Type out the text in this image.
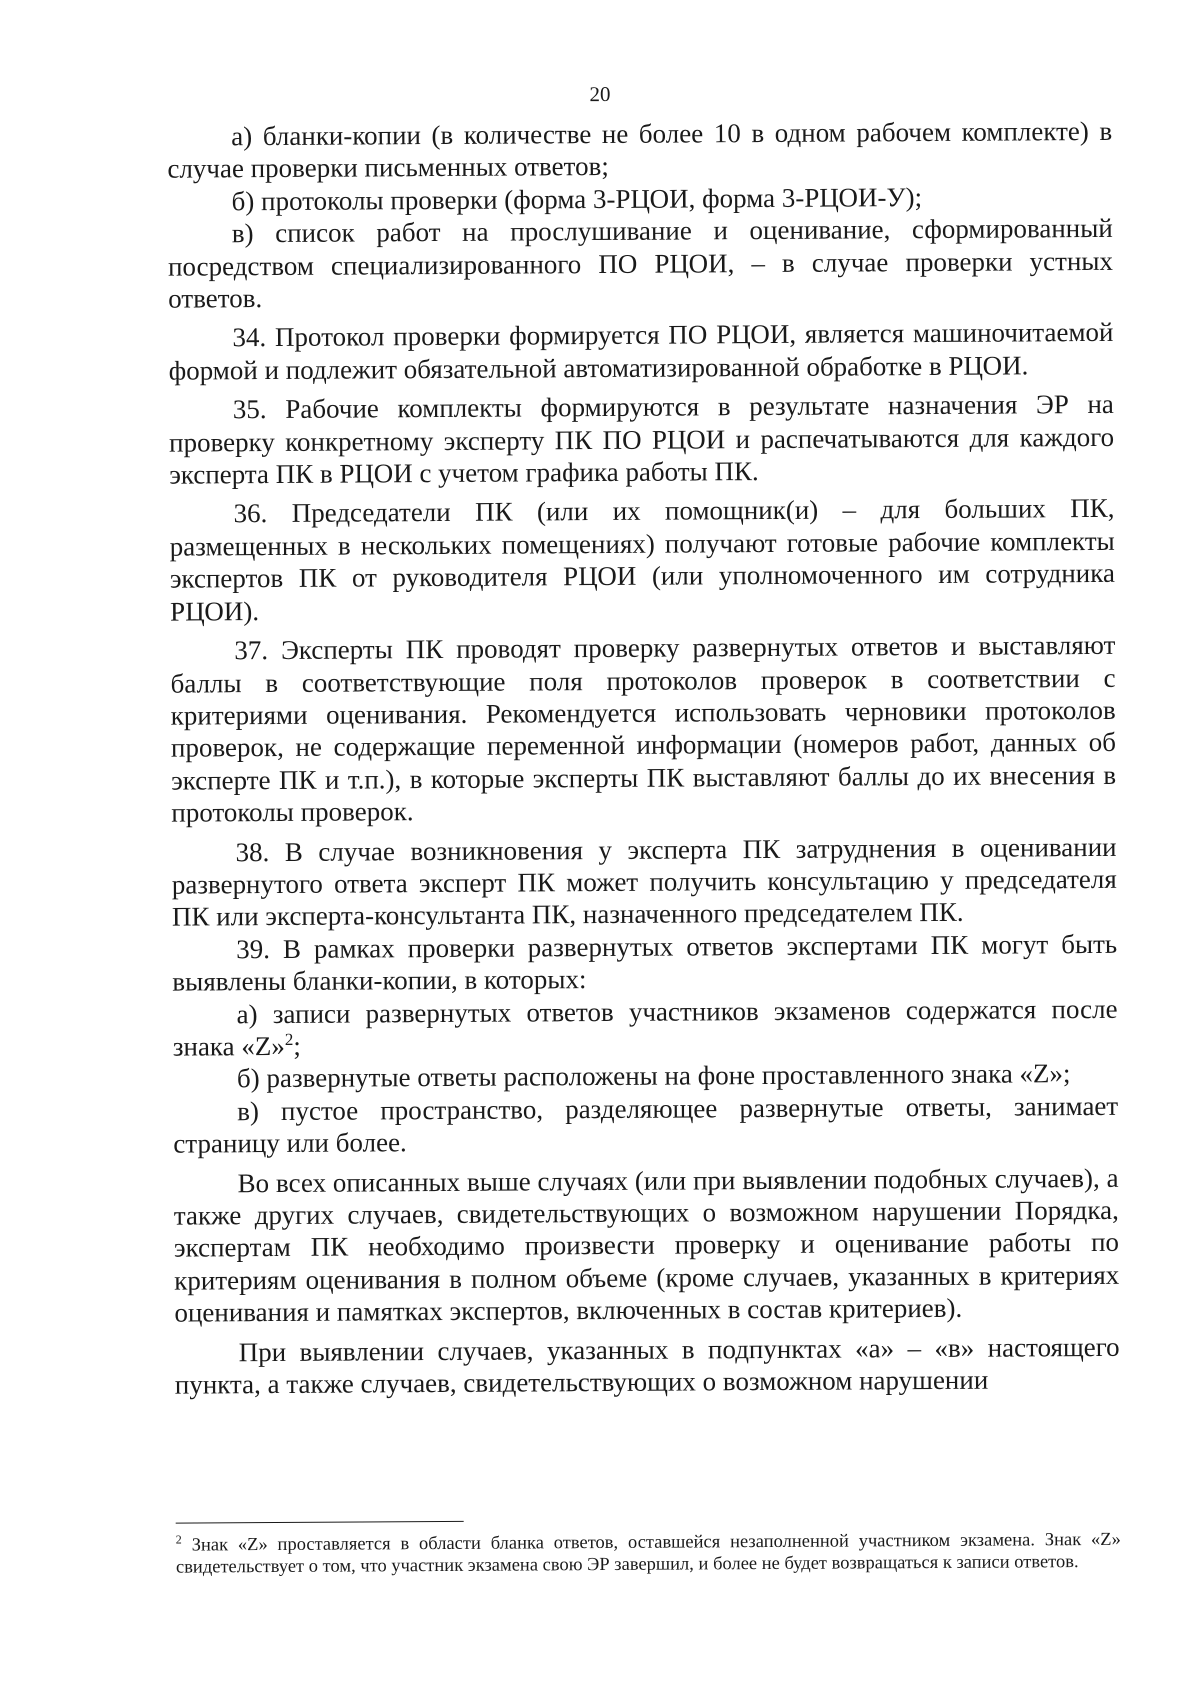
20

а) бланки-копии (в количестве не более 10 в одном рабочем комплекте) в случае проверки письменных ответов;

б) протоколы проверки (форма 3-РЦОИ, форма 3-РЦОИ-У);

в) список работ на прослушивание и оценивание, сформированный посредством специализированного ПО РЦОИ, – в случае проверки устных ответов.

34. Протокол проверки формируется ПО РЦОИ, является машиночитаемой формой и подлежит обязательной автоматизированной обработке в РЦОИ.

35. Рабочие комплекты формируются в результате назначения ЭР на проверку конкретному эксперту ПК ПО РЦОИ и распечатываются для каждого эксперта ПК в РЦОИ с учетом графика работы ПК.

36. Председатели ПК (или их помощник(и) – для больших ПК, размещенных в нескольких помещениях) получают готовые рабочие комплекты экспертов ПК от руководителя РЦОИ (или уполномоченного им сотрудника РЦОИ).

37. Эксперты ПК проводят проверку развернутых ответов и выставляют баллы в соответствующие поля протоколов проверок в соответствии с критериями оценивания. Рекомендуется использовать черновики протоколов проверок, не содержащие переменной информации (номеров работ, данных об эксперте ПК и т.п.), в которые эксперты ПК выставляют баллы до их внесения в протоколы проверок.

38. В случае возникновения у эксперта ПК затруднения в оценивании развернутого ответа эксперт ПК может получить консультацию у председателя ПК или эксперта-консультанта ПК, назначенного председателем ПК.

39. В рамках проверки развернутых ответов экспертами ПК могут быть выявлены бланки-копии, в которых:

а) записи развернутых ответов участников экзаменов содержатся после знака «Z»$^2$;

б) развернутые ответы расположены на фоне проставленного знака «Z»;

в) пустое пространство, разделяющее развернутые ответы, занимает страницу или более.

Во всех описанных выше случаях (или при выявлении подобных случаев), а также других случаев, свидетельствующих о возможном нарушении Порядка, экспертам ПК необходимо произвести проверку и оценивание работы по критериям оценивания в полном объеме (кроме случаев, указанных в критериях оценивания и памятках экспертов, включенных в состав критериев).

При выявлении случаев, указанных в подпунктах «а» – «в» настоящего пункта, а также случаев, свидетельствующих о возможном нарушении

$^2$ Знак «Z» проставляется в области бланка ответов, оставшейся незаполненной участником экзамена. Знак «Z» свидетельствует о том, что участник экзамена свою ЭР завершил, и более не будет возвращаться к записи ответов.
